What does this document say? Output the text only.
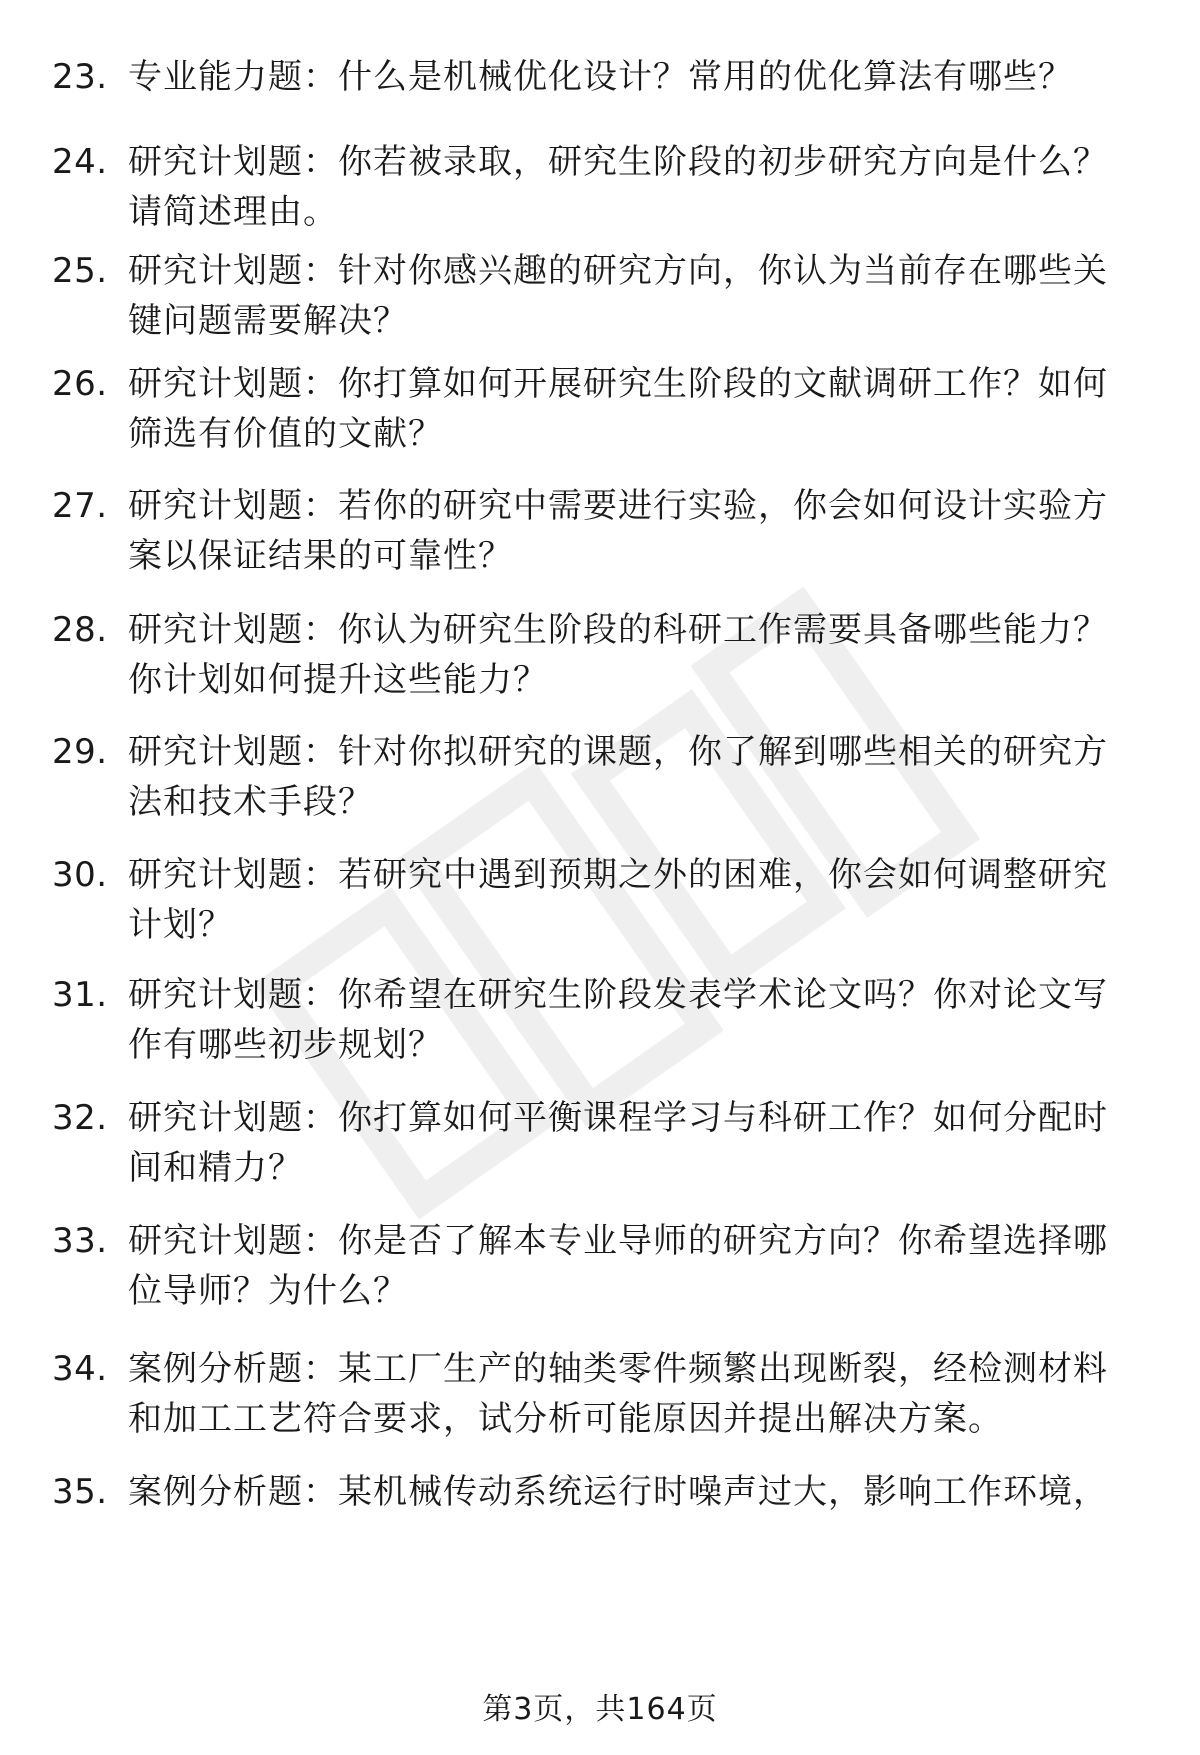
23. 专业能力题：什么是机械优化设计？常用的优化算法有哪些？
24. 研究计划题：你若被录取，研究生阶段的初步研究方向是什么？
请简述理由。
25. 研究计划题：针对你感兴趣的研究方向，你认为当前存在哪些关
键问题需要解决？
26. 研究计划题：你打算如何开展研究生阶段的文献调研工作？如何
筛选有价值的文献？
27. 研究计划题：若你的研究中需要进行实验，你会如何设计实验方
案以保证结果的可靠性？
28. 研究计划题：你认为研究生阶段的科研工作需要具备哪些能力？
你计划如何提升这些能力？
29. 研究计划题：针对你拟研究的课题，你了解到哪些相关的研究方
法和技术手段？
30. 研究计划题：若研究中遇到预期之外的困难，你会如何调整研究
计划？
31. 研究计划题：你希望在研究生阶段发表学术论文吗？你对论文写
作有哪些初步规划？
32. 研究计划题：你打算如何平衡课程学习与科研工作？如何分配时
间和精力？
33. 研究计划题：你是否了解本专业导师的研究方向？你希望选择哪
位导师？为什么？
34. 案例分析题：某工厂生产的轴类零件频繁出现断裂，经检测材料
和加工工艺符合要求，试分析可能原因并提出解决方案。
35. 案例分析题：某机械传动系统运行时噪声过大，影响工作环境，
第3页，共164页
